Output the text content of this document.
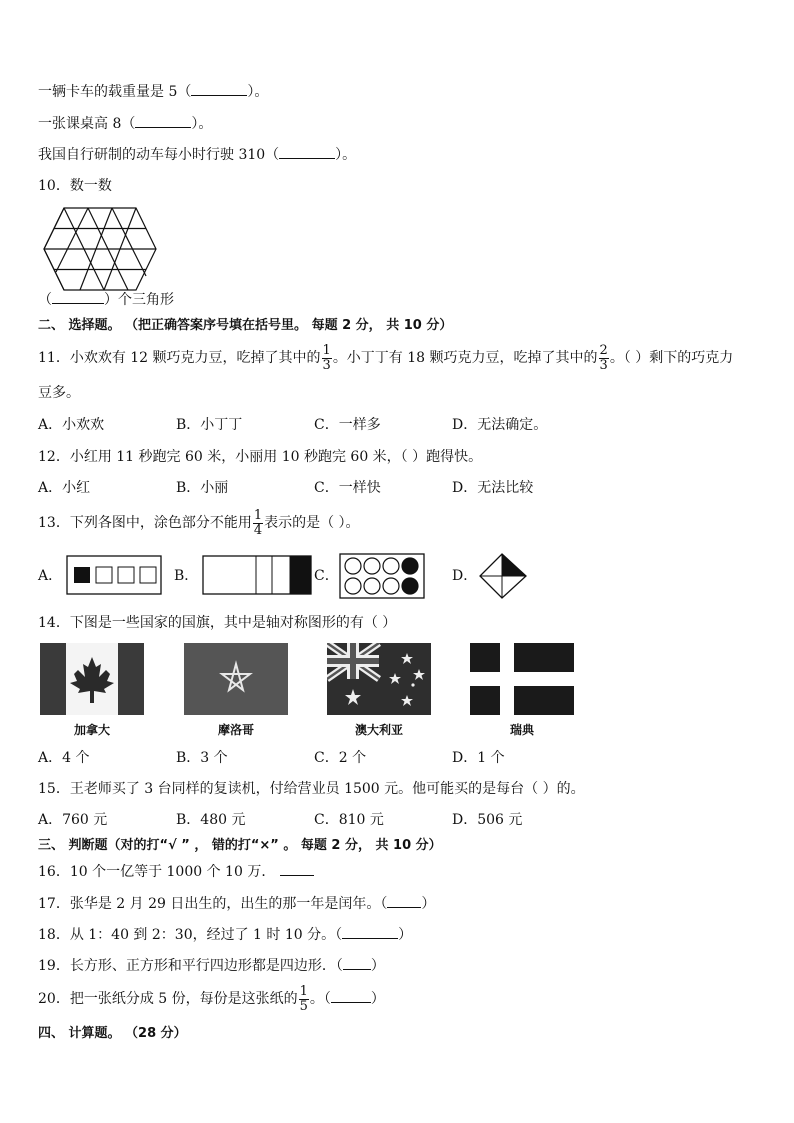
一辆卡车的载重量是 5（	）。
一张课桌高 8（	）。
我国自行研制的动车每小时行驶 310（	）。
10．数一数
（	）个三角形
二、 选择题。 （把正确答案序号填在括号里。 每题 2 分， 共 10 分）
11．小欢欢有 12 颗巧克力豆，吃掉了其中的 $\frac{1}{3}$ 。小丁丁有 18 颗巧克力豆，吃掉了其中的 $\frac{2}{3}$ 。（ ）剩下的巧克力
豆多。
A．小欢欢	B．小丁丁	C．一样多	D．无法确定。
12．小红用 11 秒跑完 60 米，小丽用 10 秒跑完 60 米，（ ）跑得快。
A．小红	B．小丽	C．一样快	D．无法比较
13．下列各图中，涂色部分不能用 $\frac{1}{4}$ 表示的是（ ）。
A．	B．	C．	D．
14．下图是一些国家的国旗，其中是轴对称图形的有（ ）
加拿大	摩洛哥	澳大利亚	瑞典
A．4 个	B．3 个	C．2 个	D．1 个
15．王老师买了 3 台同样的复读机，付给营业员 1500 元。他可能买的是每台（ ）的。
A．760 元	B．480 元	C．810 元	D．506 元
三、 判断题（对的打“√ ” ， 错的打“×” 。 每题 2 分， 共 10 分）
16．10 个一亿等于 1000 个 10 万．
17．张华是 2 月 29 日出生的，出生的那一年是闰年。（ ）
18．从 1：40 到 2：30，经过了 1 时 10 分。（	）
19．长方形、正方形和平行四边形都是四边形．（ ）
20．把一张纸分成 5 份，每份是这张纸的 $\frac{1}{5}$ 。（	）
四、 计算题。 （28 分）
